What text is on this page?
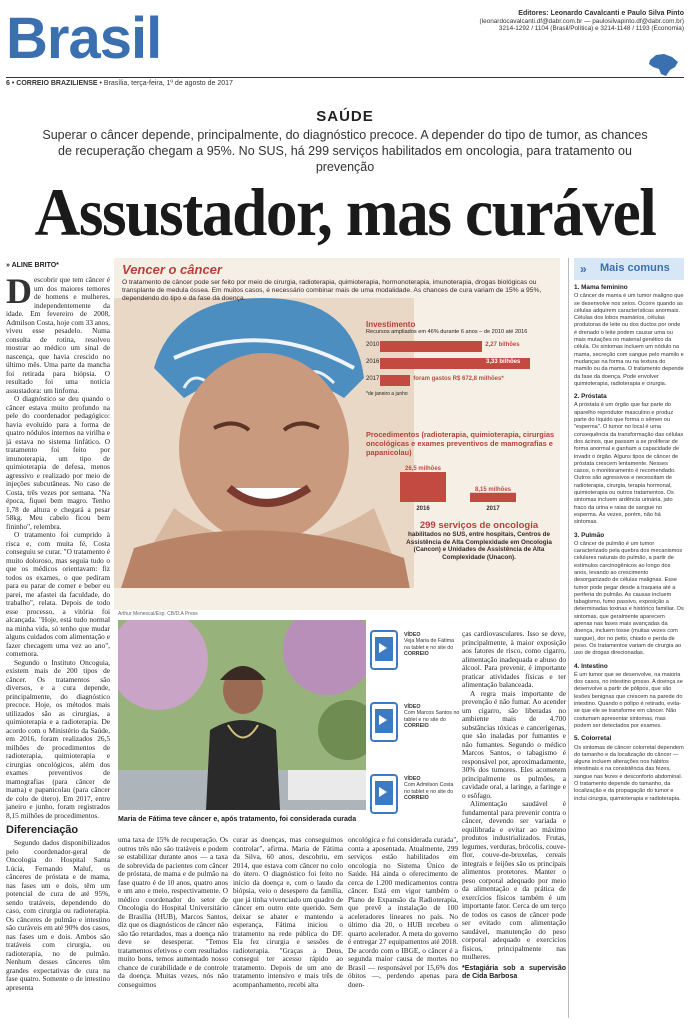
Brasil	Editores: Leonardo Cavalcanti e Paulo Silva Pinto
(leonardocavalcanti.df@dabr.com.br — paulosilvapinto.df@dabr.com.br)
3214-1292 / 1104 (Brasil/Política) e 3214-1148 / 1193 (Economia)
6 • CORREIO BRAZILIENSE • Brasília, terça-feira, 1º de agosto de 2017
SAÚDE
Superar o câncer depende, principalmente, do diagnóstico precoce. A depender do tipo de tumor, as chances de recuperação chegam a 95%. No SUS, há 299 serviços habilitados em oncologia, para tratamento ou prevenção
Assustador, mas curável
» ALINE BRITO*

Descobrir que tem câncer é um dos maiores temores de homens e mulheres, independentemente da idade. Em fevereiro de 2008, Admilson Costa, hoje com 33 anos, viveu esse pesadelo. Numa consulta de rotina, resolveu mostrar ao médico um sinal de nascença, que havia crescido no último mês. Uma parte da mancha foi retirada para biópsia. O resultado foi uma notícia assustadora: um linfoma.

O diagnóstico se deu quando o câncer estava muito profundo na pele do coordenador pedagógico: havia evoluído para a forma de quatro nódulos internos na virilha e já estava no sistema linfático. O tratamento foi feito por imunoterapia, um tipo de quimioterapia de defesa, menos agressivo e realizado por meio de injeções subcutâneas. No caso de Costa, três vezes por semana. "Na época, fiquei bem magro. Tenho 1,78 de altura e chegará a pesar 58kg. Meu cabelo ficou bem fininho", relembra.

O tratamento foi cumprido à risca e, com muita fé, Costa conseguiu se curar. "O tratamento é muito doloroso, mas seguia tudo o que os médicos orientavam: fiz todos os exames, o que pediram para eu parar de comer e beber eu parei, me afastei da faculdade, do trabalho", relata. Depois de todo esse processo, a vitória foi alcançada. "Hoje, está tudo normal na minha vida, só tenho que mudar alguns cuidados com alimentação e fazer checagem uma vez ao ano", comemora.

Segundo o Instituto Oncoguia, existem mais de 200 tipos de câncer. Os tratamentos são diversos, e a cura depende, principalmente, do diagnóstico precoce. Hoje, os métodos mais utilizados são as cirurgias, a quimioterapia e a radioterapia. De acordo com o Ministério da Saúde, em 2016, foram realizados 26,5 milhões de procedimentos de radioterapia, quimioterapia e cirurgias oncológicos, além dos exames preventivos de mamografias (para câncer de mama) e papanicolau (para câncer de colo de útero). Em 2017, entre janeiro e junho, foram registrados 8,15 milhões de procedimentos.

Diferenciação

Segundo dados disponibilizados pelo coordenador-geral de Oncologia do Hospital Santa Lúcia, Fernando Maluf, os cânceres de próstata e de mama, nas fases um e dois, têm um potencial de cura de até 95%, sendo tratáveis, dependendo do caso, com cirurgia ou radioterapia. Os cânceres de pulmão e intestino são curáveis em até 90% dos casos, nas fases um e dois. Ambos são tratáveis com cirurgia, ou radioterapia, no de pulmão. Nenhum desses cânceres têm grandes expectativas de cura na fase quatro. Somente o de intestino apresenta

Vencer o câncer
O tratamento de câncer pode ser feito por meio de cirurgia, radioterapia, quimioterapia, hormonoterapia, imunoterapia, drogas biológicas ou transplante de medula óssea. Em muitos casos, é necessário combinar mais de uma modalidade. As chances de cura variam de 15% a 95%, dependendo do tipo e da fase da doença.
Investimento
Recursos ampliados em 46% durante 6 anos – de 2010 até 2016
2010	2,27 bilhões
2016	3,33 bilhões
2017	foram gastos R$ 672,8 milhões*
*de janeiro a junho
Procedimentos (radioterapia, quimioterapia, cirurgias oncológicas e exames preventivos de mamografias e papanicolau)
26,5 milhões
2016
8,15 milhões
2017
299 serviços de oncologia
habilitados no SUS, entre hospitais, Centros de Assistência de Alta Complexidade em Oncologia (Cancon) e Unidades de Assistência de Alta Complexidade (Unacon).
Arthur Menescal/Esp. CB/D.A Press
Maria de Fátima teve câncer e, após tratamento, foi considerada curada
VÍDEO
Veja Maria de Fátima na tablet e no site do CORREIO
VÍDEO
Com Marcos Santos no tablet e no site do CORREIO
VÍDEO
Com Admilson Costa no tablet e no site do CORREIO

ças cardiovasculares. Isso se deve, principalmente, à maior exposição aos fatores de risco, como cigarro, alimentação inadequada e abuso do álcool. Para prevenir, é importante praticar atividades físicas e ter alimentação balanceada.

A regra mais importante de prevenção é não fumar. Ao acender um cigarro, são liberadas no ambiente mais de 4.700 substâncias tóxicas e cancerígenas, que são inaladas por fumantes e não fumantes. Segundo o médico Marcos Santos, o tabagismo é responsável por, aproximadamente, 30% dos tumores. Eles acometem principalmente os pulmões, a cavidade oral, a laringe, a faringe e o esôfago.

Alimentação saudável é fundamental para prevenir contra o câncer, devendo ser variada e equilibrada e evitar ao máximo produtos industrializados. Frutas, legumes, verduras, brócolis, couve-flor, couve-de-bruxelas, cereais integrais e feijões são os principais alimentos protetores. Manter o peso corporal adequado por meio da alimentação e da prática de exercícios físicos também é um importante fator. Cerca de um terço de todos os casos de câncer pode ser evitado com alimentação saudável, manutenção do peso corporal adequado e exercícios físicos, principalmente nas mulheres.

*Estagiária sob a supervisão de Cida Barbosa

uma taxa de 15% de recuperação. Os outros três não são tratáveis e podem se estabilizar durante anos — a taxa de sobrevida de pacientes com câncer de próstata, de mama e de pulmão na fase quatro é de 10 anos, quatro anos e um ano e meio, respectivamente. O médico coordenador do setor de Oncologia do Hospital Universitário de Brasília (HUB), Marcos Santos, diz que os diagnósticos de câncer não são tão retardados, mas a doença não deve se desesperar. "Temos tratamentos efetivos e com resultados muito bons, temos aumentado nosso chance de curabilidade e de controle da doença. Muitas vezes, nós não conseguimos

curar as doenças, mas conseguimos controlar", afirma. Maria de Fátima da Silva, 60 anos, descobriu, em 2014, que estava com câncer no colo do útero. O diagnóstico foi feito no início da doença e, com o laudo da biópsia, veio o desespero da família, que já tinha vivenciado um quadro de câncer em outro ente querido. Sem deixar se abater e mantendo a esperança, Fátima iniciou o tratamento na rede pública do DF. Ela fez cirurgia e sessões de radioterapia. "Graças a Deus, consegui ter acesso rápido ao tratamento. Depois de um ano de tratamento intensivo e mais três de acompanhamento, recebi alta

oncológica e fui considerada curada", conta a aposentada. Atualmente, 299 serviços estão habilitados em oncologia no Sistema Único de Saúde. Há ainda o oferecimento de cerca de 1.200 medicamentos contra câncer. Está em vigor também o Plano de Expansão da Radioterapia, que prevê a instalação de 100 aceleradores lineares no país. No último dia 20, o HUB recebeu o quarto acelerador. A meta do governo é entregar 27 equipamentos até 2018. De acordo com o IBGE, o câncer é a segunda maior causa de mortes no Brasil — responsável por 15,6% dos óbitos —, perdendo apenas para doen-

» Mais comuns
1. Mama feminino
O câncer de mama é um tumor maligno que se desenvolve nos seios. Ocorre quando as células adquirem características anormais. Células dos lobos mamários, células produtoras de leite ou dos ductos por onde é drenado o leite podem causar uma ou mais mutações no material genético da célula. Os sintomas incluem um nódulo na mama, secreção com sangue pelo mamilo e mudanças na forma ou na textura do mamilo ou da mama. O tratamento depende da fase da doença. Pode envolver quimioterapia, radioterapia e cirurgia.
2. Próstata
A próstata é um órgão que faz parte do aparelho reprodutor masculino e produz parte do líquido que forma o sêmen ou "esperma". O tumor no local é uma consequência da transformação das células dos ácinos, que passam a se proliferar de forma anormal e ganham a capacidade de invadir o órgão. Alguns tipos de câncer de próstata crescem lentamente. Nesses casos, o monitoramento é recomendado. Outros são agressivos e necessitam de radioterapia, cirurgia, terapia hormonal, quimioterapia ou outros tratamentos. Os sintomas incluem ardência urinária, jato fraco da urina e raias de sangue no esperma. Às vezes, porém, não há sintomas.
3. Pulmão
O câncer de pulmão é um tumor caracterizado pela quebra dos mecanismos celulares naturais do pulmão, a partir de estímulos carcinogênicos ao longo dos anos, levando ao crescimento desorganizado de células malignas. Esse tumor pode pegar desde a traqueia até a periferia do pulmão. As causas incluem tabagismo, fumo passivo, exposição a determinadas toxinas e histórico familiar. Os sintomas, que geralmente aparecem apenas nas fases mais avançadas da doença, incluem tosse (muitas vezes com sangue), dor no peito, chiado e perda de peso. Os tratamentos variam de cirurgia ao uso de drogas direcionadas.
4. Intestino
É um tumor que se desenvolve, na maioria dos casos, no intestino grosso. A doença se desenvolve a partir de pólipos, que são lesões benignas que crescem na parede do intestino. Quando o pólipo é retirado, evita-se que ele se transforme em câncer. Não costumam apresentar sintomas, mas podem ser detectados por exames.
5. Colorretal
Os sintomas de câncer colorretal dependem do tamanho e da localização do câncer — alguns incluem alterações nos hábitos intestinais e na consistência das fezes, sangue nas fezes e desconforto abdominal. O tratamento depende do tamanho, da localização e da propagação do tumor e inclui cirurgia, quimioterapia e radioterapia.
